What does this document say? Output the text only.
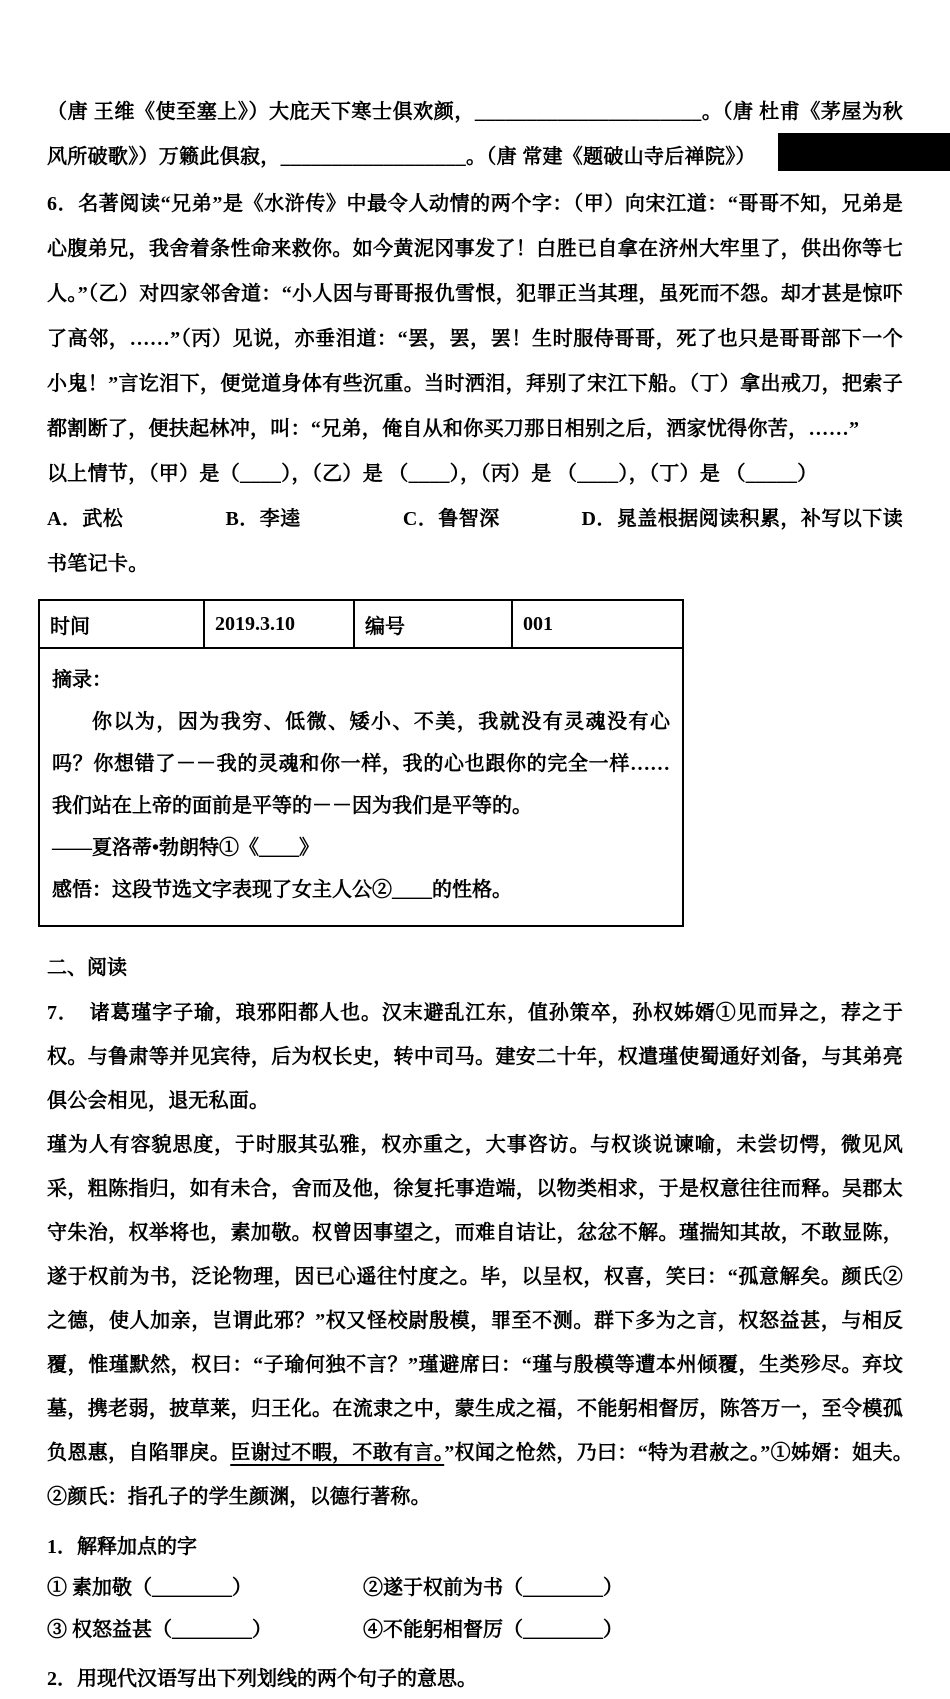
（唐 王维《使至塞上》）大庇天下寒士俱欢颜，______________________。（唐 杜甫《茅屋为秋风所破歌》）万籁此俱寂，__________________。（唐 常建《题破山寺后禅院》）

6．名著阅读“兄弟”是《水浒传》中最令人动情的两个字：（甲）向宋江道：“哥哥不知，兄弟是心腹弟兄，我舍着条性命来救你。如今黄泥冈事发了！白胜已自拿在济州大牢里了，供出你等七人。”（乙）对四家邻舍道：“小人因与哥哥报仇雪恨，犯罪正当其理，虽死而不怨。却才甚是惊吓了高邻，……”（丙）见说，亦垂泪道：“罢，罢，罢！生时服侍哥哥，死了也只是哥哥部下一个小鬼！”言讫泪下，便觉道身体有些沉重。当时洒泪，拜别了宋江下船。（丁）拿出戒刀，把索子都割断了，便扶起林冲，叫：“兄弟，俺自从和你买刀那日相别之后，洒家忧得你苦，……”

以上情节，（甲）是（____），（乙）是 （____），（丙）是 （____），（丁）是 （_____）

A．武松　　　　　B．李逵　　　　　C．鲁智深　　　　D．晁盖根据阅读积累，补写以下读书笔记卡。

时间	2019.3.10	编号	001

摘录：
你以为，因为我穷、低微、矮小、不美，我就没有灵魂没有心吗？你想错了－－我的灵魂和你一样，我的心也跟你的完全一样……我们站在上帝的面前是平等的－－因为我们是平等的。
——夏洛蒂•勃朗特①《____》
感悟：这段节选文字表现了女主人公②____的性格。
二、阅读

7．　诸葛瑾字子瑜，琅邪阳都人也。汉末避乱江东，值孙策卒，孙权姊婿①见而异之，荐之于权。与鲁肃等并见宾待，后为权长史，转中司马。建安二十年，权遣瑾使蜀通好刘备，与其弟亮俱公会相见，退无私面。

瑾为人有容貌思度，于时服其弘雅，权亦重之，大事咨访。与权谈说谏喻，未尝切愕，微见风采，粗陈指归，如有未合，舍而及他，徐复托事造端，以物类相求，于是权意往往而释。吴郡太守朱治，权举将也，素加敬。权曾因事望之，而难自诘让，忿忿不解。瑾揣知其故，不敢显陈，遂于权前为书，泛论物理，因已心遥往忖度之。毕，以呈权，权喜，笑曰：“孤意解矣。颜氏②之德，使人加亲，岂谓此邪？”权又怪校尉殷模，罪至不测。群下多为之言，权怒益甚，与相反覆，惟瑾默然，权曰：“子瑜何独不言？”瑾避席曰：“瑾与殷模等遭本州倾覆，生类殄尽。弃坟墓，携老弱，披草莱，归王化。在流隶之中，蒙生成之福，不能躬相督厉，陈答万一，至令模孤负恩惠，自陷罪戾。臣谢过不暇，不敢有言。”权闻之怆然，乃曰：“特为君赦之。”①姊婿：姐夫。　②颜氏：指孔子的学生颜渊，以德行著称。

1．解释加点的字
① 素加敬（________）	②遂于权前为书（________）
③ 权怒益甚（________）	④不能躬相督厉（________）
2．用现代汉语写出下列划线的两个句子的意思。
